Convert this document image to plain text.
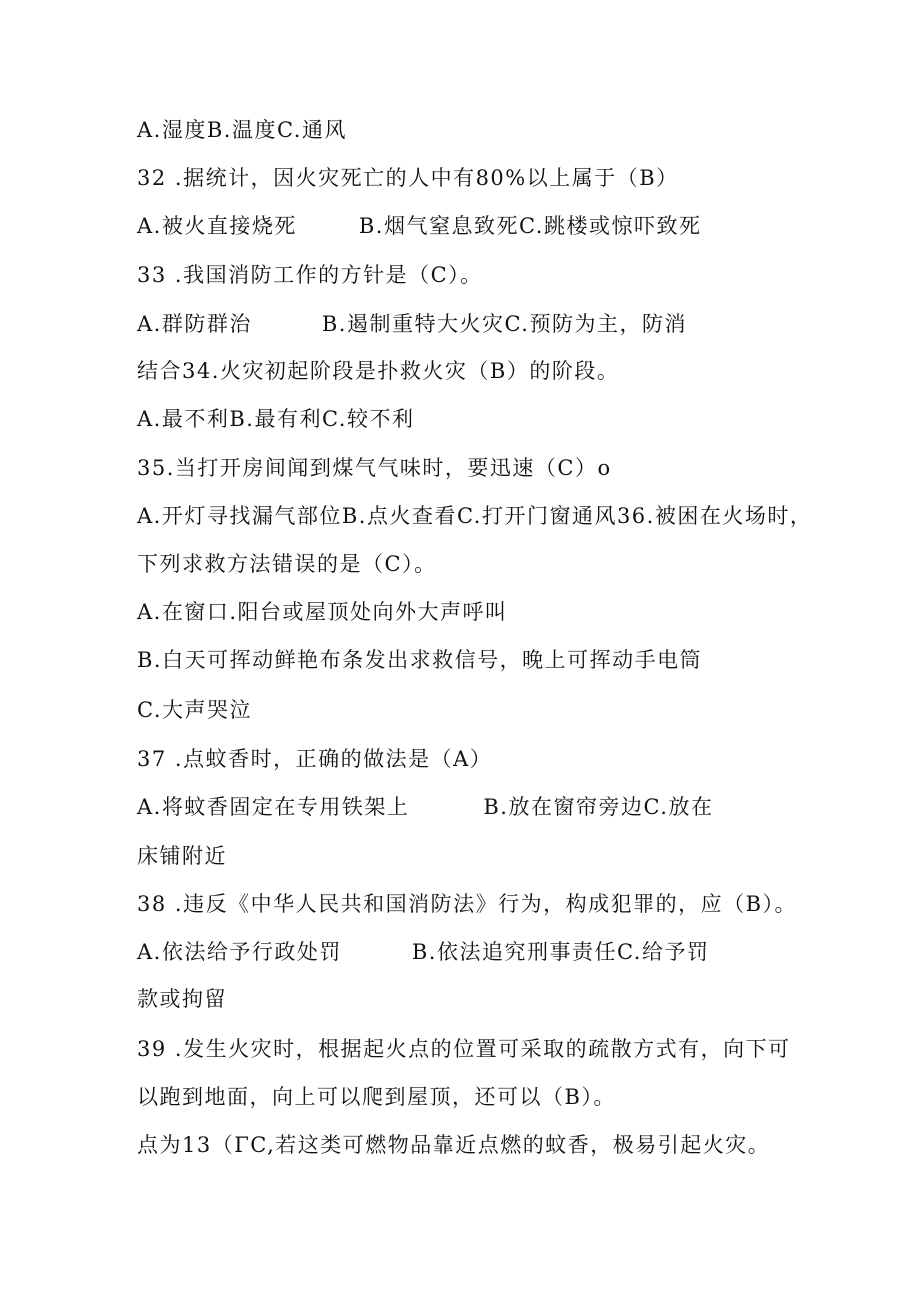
A.湿度B.温度C.通风
32 .据统计，因火灾死亡的人中有80%以上属于（B）
A.被火直接烧死	B.烟气窒息致死C.跳楼或惊吓致死
33 .我国消防工作的方针是（C）。
A.群防群治	B.遏制重特大火灾C.预防为主，防消
结合34.火灾初起阶段是扑救火灾（B）的阶段。
A.最不利B.最有利C.较不利
35.当打开房间闻到煤气气味时，要迅速（C）o
A.开灯寻找漏气部位B.点火查看C.打开门窗通风36.被困在火场时，
下列求救方法错误的是（C）。
A.在窗口.阳台或屋顶处向外大声呼叫
B.白天可挥动鲜艳布条发出求救信号，晚上可挥动手电筒
C.大声哭泣
37 .点蚊香时，正确的做法是（A）
A.将蚊香固定在专用铁架上	B.放在窗帘旁边C.放在
床铺附近
38 .违反《中华人民共和国消防法》行为，构成犯罪的，应（B）。
A.依法给予行政处罚	B.依法追究刑事责任C.给予罚
款或拘留
39 .发生火灾时，根据起火点的位置可采取的疏散方式有，向下可
以跑到地面，向上可以爬到屋顶，还可以（B）。
点为13（ΓC,若这类可燃物品靠近点燃的蚊香，极易引起火灾。
